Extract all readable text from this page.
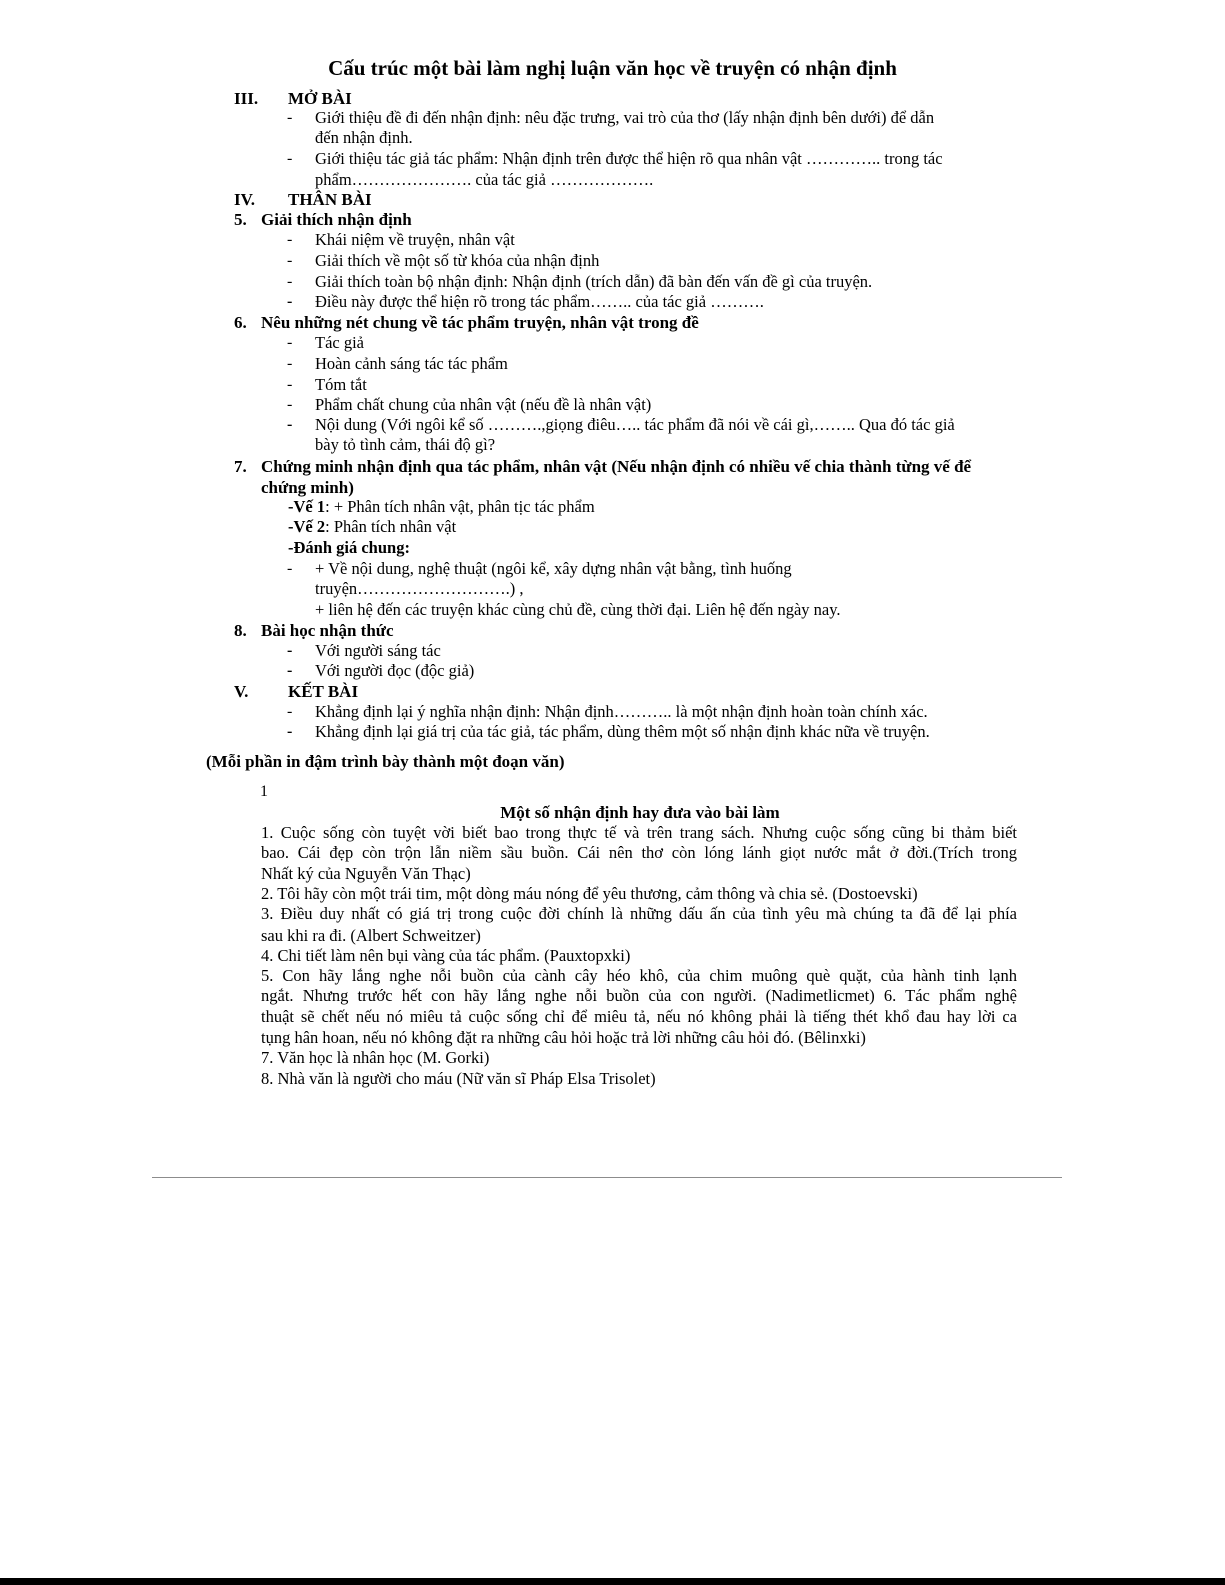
Cấu trúc một bài làm nghị luận văn học về truyện có nhận định
III. MỞ BÀI
- Giới thiệu đề đi đến nhận định: nêu đặc trưng, vai trò của thơ (lấy nhận định bên dưới) để dẫn
đến nhận định.
- Giới thiệu tác giả tác phẩm: Nhận định trên được thể hiện rõ qua nhân vật ………….. trong tác
phẩm…………………. của tác giả ……………….
IV. THÂN BÀI
5. Giải thích nhận định
- Khái niệm về truyện, nhân vật
- Giải thích về một số từ khóa của nhận định
- Giải thích toàn bộ nhận định: Nhận định (trích dẫn) đã bàn đến vấn đề gì của truyện.
- Điều này được thể hiện rõ trong tác phẩm…….. của tác giả ……….
6. Nêu những nét chung về tác phẩm truyện, nhân vật trong đề
- Tác giả
- Hoàn cảnh sáng tác tác phẩm
- Tóm tắt
- Phẩm chất chung của nhân vật (nếu đề là nhân vật)
- Nội dung (Với ngôi kể số ……….,giọng điêu….. tác phẩm đã nói về cái gì,…….. Qua đó tác giả
bày tỏ tình cảm, thái độ gì?
7. Chứng minh nhận định qua tác phẩm, nhân vật (Nếu nhận định có nhiều vế chia thành từng vế để
chứng minh)
-Vế 1: + Phân tích nhân vật, phân tịc tác phẩm
-Vế 2: Phân tích nhân vật
-Đánh giá chung:
- + Về nội dung, nghệ thuật (ngôi kể, xây dựng nhân vật bằng, tình huống
truyện……………………….) ,
+ liên hệ đến các truyện khác cùng chủ đề, cùng thời đại. Liên hệ đến ngày nay.
8. Bài học nhận thức
- Với người sáng tác
- Với người đọc (độc giả)
V. KẾT BÀI
- Khẳng định lại ý nghĩa nhận định: Nhận định……….. là một nhận định hoàn toàn chính xác.
- Khẳng định lại giá trị của tác giả, tác phẩm, dùng thêm một số nhận định khác nữa về truyện.
(Mỗi phần in đậm trình bày thành một đoạn văn)
1
Một số nhận định hay đưa vào bài làm
1. Cuộc sống còn tuyệt vời biết bao trong thực tế và trên trang sách. Nhưng cuộc sống cũng bi thảm biết
bao. Cái đẹp còn trộn lẫn niềm sầu buồn. Cái nên thơ còn lóng lánh giọt nước mắt ở đời.(Trích trong
Nhất ký của Nguyễn Văn Thạc)
2. Tôi hãy còn một trái tim, một dòng máu nóng để yêu thương, cảm thông và chia sẻ. (Dostoevski)
3. Điều duy nhất có giá trị trong cuộc đời chính là những dấu ấn của tình yêu mà chúng ta đã để lại phía
sau khi ra đi. (Albert Schweitzer)
4. Chi tiết làm nên bụi vàng của tác phẩm. (Pauxtopxki)
5. Con hãy lắng nghe nỗi buồn của cành cây héo khô, của chim muông què quặt, của hành tinh lạnh
ngắt. Nhưng trước hết con hãy lắng nghe nỗi buồn của con người. (Nadimetlicmet) 6. Tác phẩm nghệ
thuật sẽ chết nếu nó miêu tả cuộc sống chỉ để miêu tả, nếu nó không phải là tiếng thét khổ đau hay lời ca
tụng hân hoan, nếu nó không đặt ra những câu hỏi hoặc trả lời những câu hỏi đó. (Bêlinxki)
7. Văn học là nhân học (M. Gorki)
8. Nhà văn là người cho máu (Nữ văn sĩ Pháp Elsa Trisolet)
